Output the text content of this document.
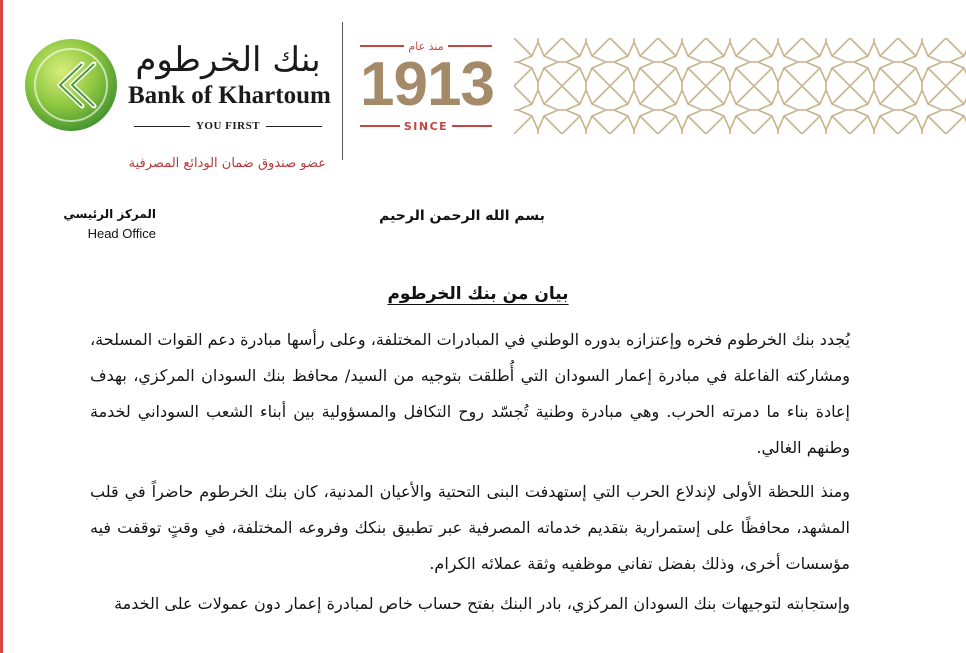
بنك الخرطوم
Bank of Khartoum
YOU FIRST
عضو صندوق ضمان الودائع المصرفية
منذ عام
1913
SINCE
المركز الرئيسي
Head Office
بسم الله الرحمن الرحيم
بيان من بنك الخرطوم
يُجدد بنك الخرطوم فخره وإعتزازه بدوره الوطني في المبادرات المختلفة، وعلى رأسها مبادرة دعم القوات المسلحة، ومشاركته الفاعلة في مبادرة إعمار السودان التي أُطلقت بتوجيه من السيد/ محافظ بنك السودان المركزي، بهدف إعادة بناء ما دمرته الحرب. وهي مبادرة وطنية تُجسّد روح التكافل والمسؤولية بين أبناء الشعب السوداني لخدمة وطنهم الغالي.
ومنذ اللحظة الأولى لإندلاع الحرب التي إستهدفت البنى التحتية والأعيان المدنية، كان بنك الخرطوم حاضراً في قلب المشهد، محافظًا على إستمرارية بتقديم خدماته المصرفية عبر تطبيق بنكك وفروعه المختلفة، في وقتٍ توقفت فيه مؤسسات أخرى، وذلك بفضل تفاني موظفيه وثقة عملائه الكرام.
وإستجابته لتوجيهات بنك السودان المركزي، بادر البنك بفتح حساب خاص لمبادرة إعمار دون عمولات على الخدمة
